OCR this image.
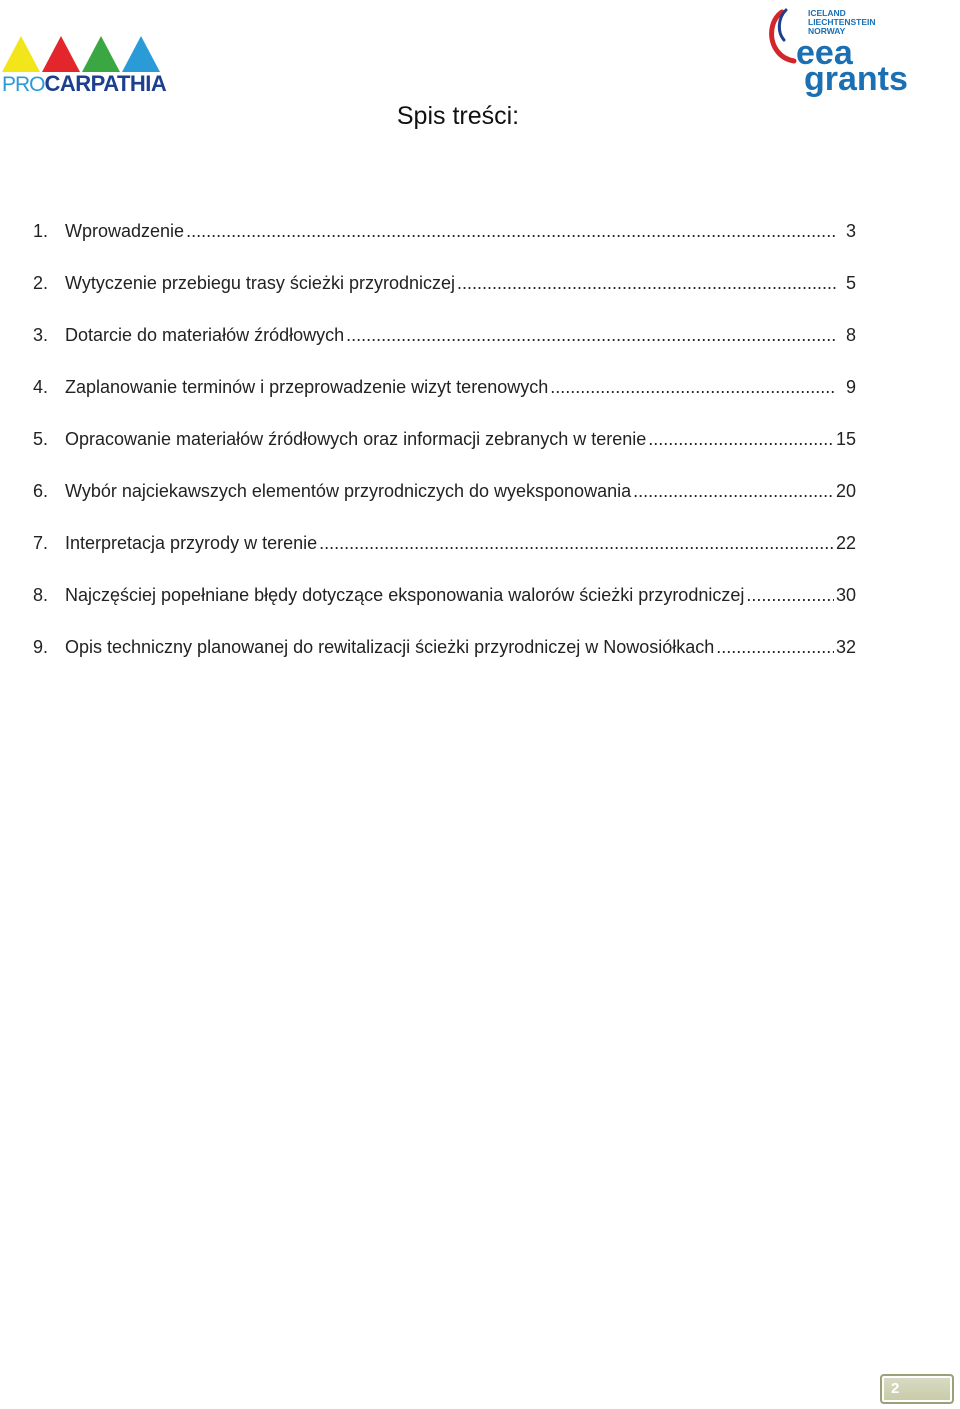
PROCARPATHIA
ICELAND
LIECHTENSTEIN
NORWAY
eea
grants
Spis treści:
1. Wprowadzenie .....	3
2. Wytyczenie przebiegu trasy ścieżki przyrodniczej .....	5
3. Dotarcie do materiałów źródłowych .....	8
4. Zaplanowanie terminów i przeprowadzenie wizyt terenowych .....	9
5. Opracowanie materiałów źródłowych oraz informacji zebranych w terenie .....	15
6. Wybór najciekawszych elementów przyrodniczych do wyeksponowania .....	20
7. Interpretacja przyrody w terenie .....	22
8. Najczęściej popełniane błędy dotyczące eksponowania walorów ścieżki przyrodniczej .....	30
9. Opis techniczny planowanej do rewitalizacji ścieżki przyrodniczej w Nowosiółkach .....	32
2
